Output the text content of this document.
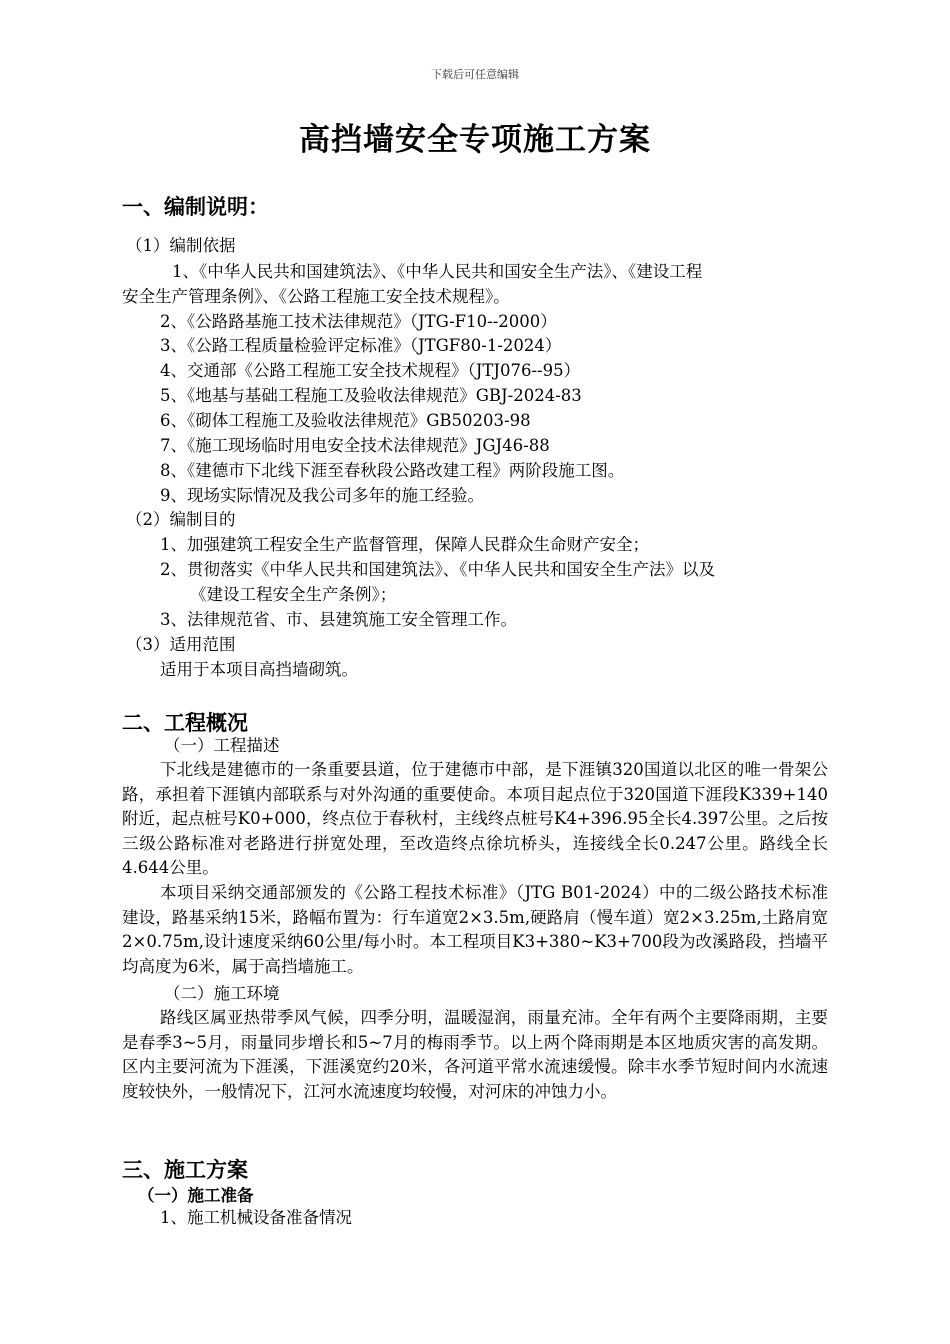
下载后可任意编辑
高挡墙安全专项施工方案
一、编制说明：
（1）编制依据
1、《中华人民共和国建筑法》、《中华人民共和国安全生产法》、《建设工程
安全生产管理条例》、《公路工程施工安全技术规程》。
2、《公路路基施工技术法律规范》（JTG-F10--2000）
3、《公路工程质量检验评定标准》（JTGF80-1-2024）
4、交通部《公路工程施工安全技术规程》（JTJ076--95）
5、《地基与基础工程施工及验收法律规范》GBJ-2024-83
6、《砌体工程施工及验收法律规范》GB50203-98
7、《施工现场临时用电安全技术法律规范》JGJ46-88
8、《建德市下北线下涯至春秋段公路改建工程》两阶段施工图。
9、现场实际情况及我公司多年的施工经验。
（2）编制目的
1、加强建筑工程安全生产监督管理，保障人民群众生命财产安全；
2、贯彻落实《中华人民共和国建筑法》、《中华人民共和国安全生产法》以及
《建设工程安全生产条例》；
3、法律规范省、市、县建筑施工安全管理工作。
（3）适用范围
适用于本项目高挡墙砌筑。
二、工程概况
（一）工程描述
下北线是建德市的一条重要县道，位于建德市中部，是下涯镇320国道以北区的唯一骨架公路，承担着下涯镇内部联系与对外沟通的重要使命。本项目起点位于320国道下涯段K339+140附近，起点桩号K0+000，终点位于春秋村，主线终点桩号K4+396.95全长4.397公里。之后按三级公路标准对老路进行拼宽处理，至改造终点徐坑桥头，连接线全长0.247公里。路线全长4.644公里。
本项目采纳交通部颁发的《公路工程技术标准》（JTG B01-2024）中的二级公路技术标准建设，路基采纳15米，路幅布置为：行车道宽2×3.5m,硬路肩（慢车道）宽2×3.25m,土路肩宽2×0.75m,设计速度采纳60公里/每小时。本工程项目K3+380~K3+700段为改溪路段，挡墙平均高度为6米，属于高挡墙施工。
（二）施工环境
路线区属亚热带季风气候，四季分明，温暖湿润，雨量充沛。全年有两个主要降雨期，主要是春季3~5月，雨量同步增长和5~7月的梅雨季节。以上两个降雨期是本区地质灾害的高发期。区内主要河流为下涯溪，下涯溪宽约20米，各河道平常水流速缓慢。除丰水季节短时间内水流速度较快外，一般情况下，江河水流速度均较慢，对河床的冲蚀力小。
三、施工方案
（一）施工准备
1、施工机械设备准备情况
